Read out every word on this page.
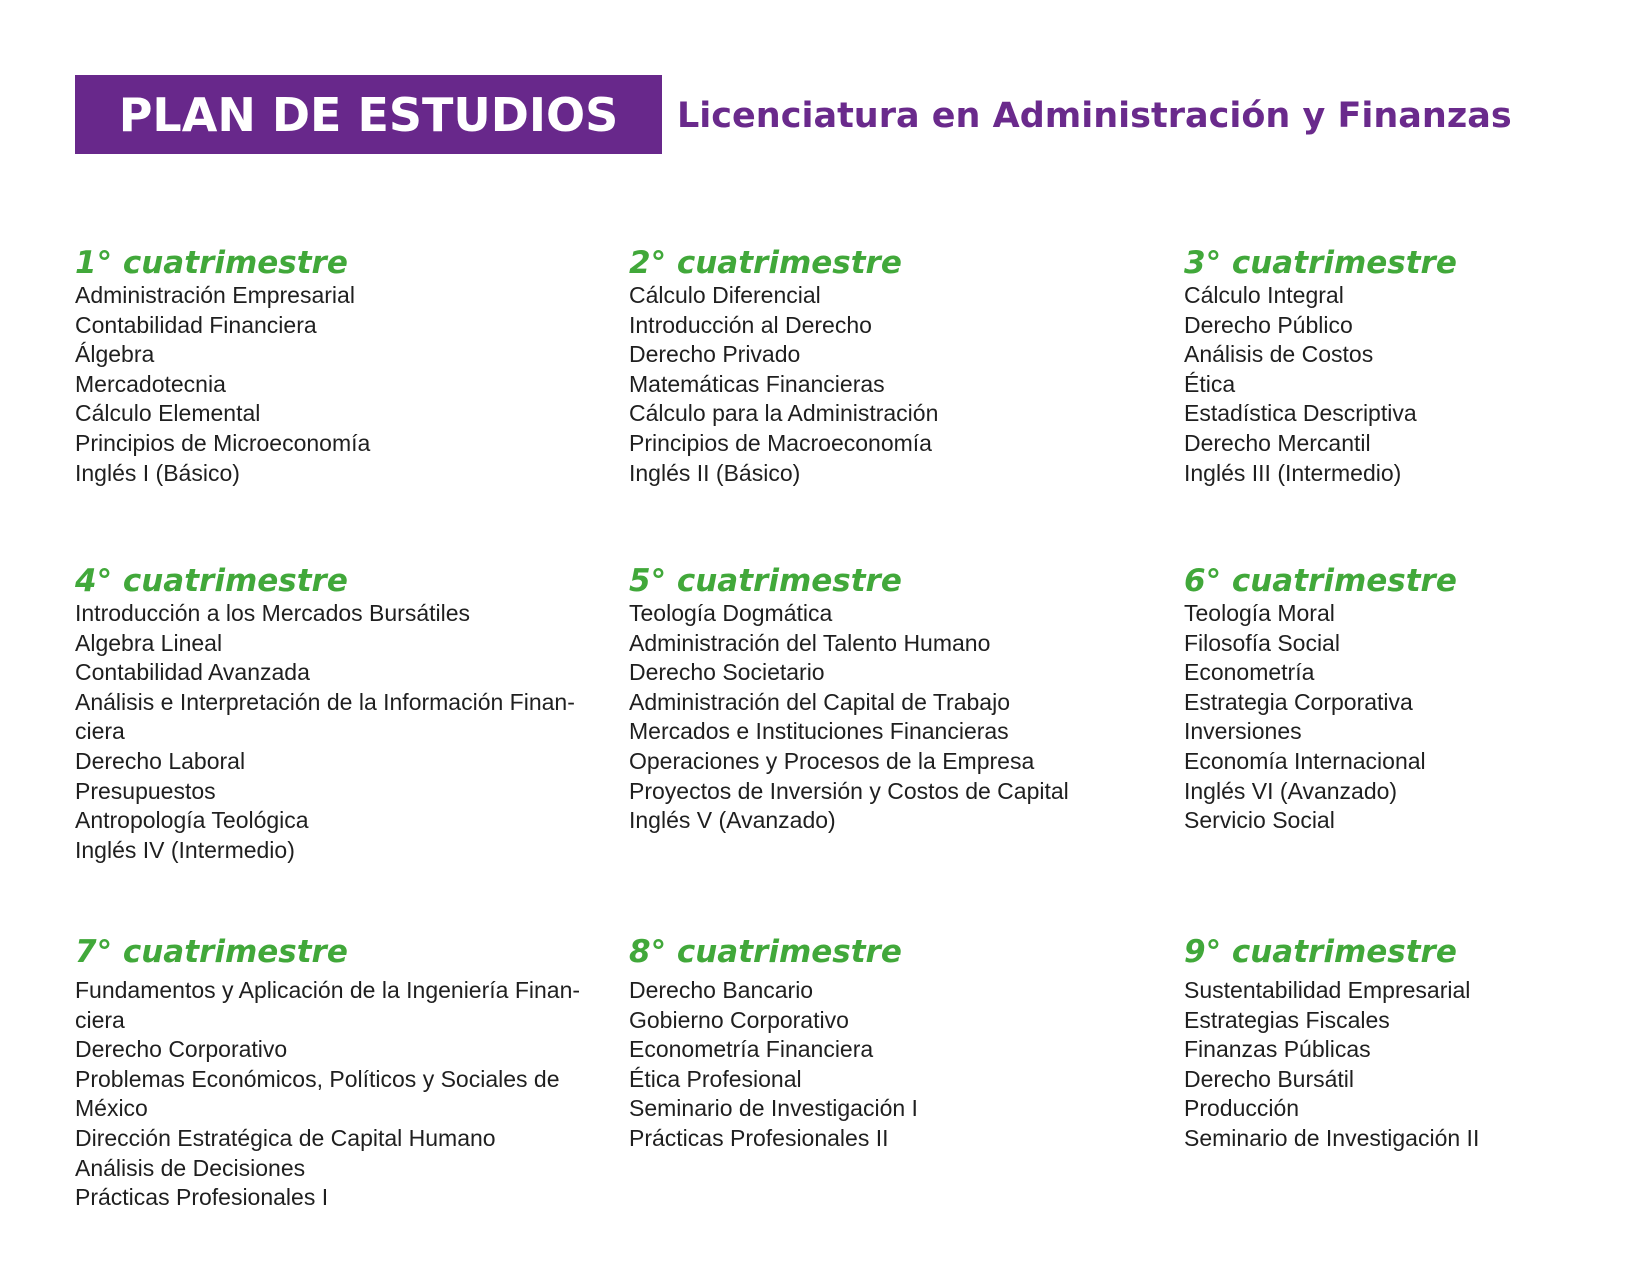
PLAN DE ESTUDIOS Licenciatura en Administración y Finanzas
1° cuatrimestre
Administración Empresarial
Contabilidad Financiera
Álgebra
Mercadotecnia
Cálculo Elemental
Principios de Microeconomía
Inglés I (Básico)
2° cuatrimestre
Cálculo Diferencial
Introducción al Derecho
Derecho Privado
Matemáticas Financieras
Cálculo para la Administración
Principios de Macroeconomía
Inglés II (Básico)
3° cuatrimestre
Cálculo Integral
Derecho Público
Análisis de Costos
Ética
Estadística Descriptiva
Derecho Mercantil
Inglés III (Intermedio)
4° cuatrimestre
Introducción a los Mercados Bursátiles
Algebra Lineal
Contabilidad Avanzada
Análisis e Interpretación de la Información Finan-
ciera
Derecho Laboral
Presupuestos
Antropología Teológica
Inglés IV (Intermedio)
5° cuatrimestre
Teología Dogmática
Administración del Talento Humano
Derecho Societario
Administración del Capital de Trabajo
Mercados e Instituciones Financieras
Operaciones y Procesos de la Empresa
Proyectos de Inversión y Costos de Capital
Inglés V (Avanzado)
6° cuatrimestre
Teología Moral
Filosofía Social
Econometría
Estrategia Corporativa
Inversiones
Economía Internacional
Inglés VI (Avanzado)
Servicio Social
7° cuatrimestre
Fundamentos y Aplicación de la Ingeniería Finan-
ciera
Derecho Corporativo
Problemas Económicos, Políticos y Sociales de
México
Dirección Estratégica de Capital Humano
Análisis de Decisiones
Prácticas Profesionales I
8° cuatrimestre
Derecho Bancario
Gobierno Corporativo
Econometría Financiera
Ética Profesional
Seminario de Investigación I
Prácticas Profesionales II
9° cuatrimestre
Sustentabilidad Empresarial
Estrategias Fiscales
Finanzas Públicas
Derecho Bursátil
Producción
Seminario de Investigación II
